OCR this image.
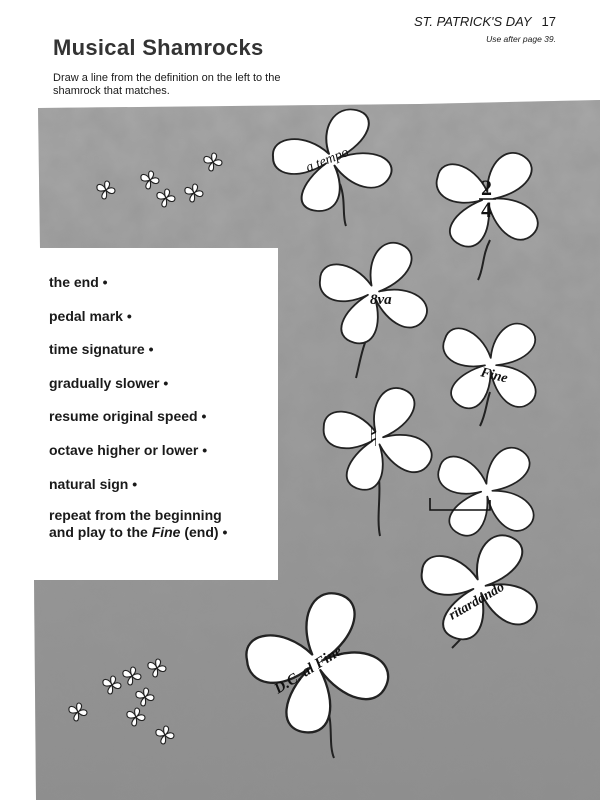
a tempo
2
4
8va
Fine
♮
ritardando
D.C. al Fine
ST. PATRICK'S DAY 17
Use after page 39.
Musical Shamrocks
Draw a line from the definition on the left to the shamrock that matches.
the end •
pedal mark •
time signature •
gradually slower •
resume original speed •
octave higher or lower •
natural sign •
repeat from the beginning
and play to the Fine (end) •
